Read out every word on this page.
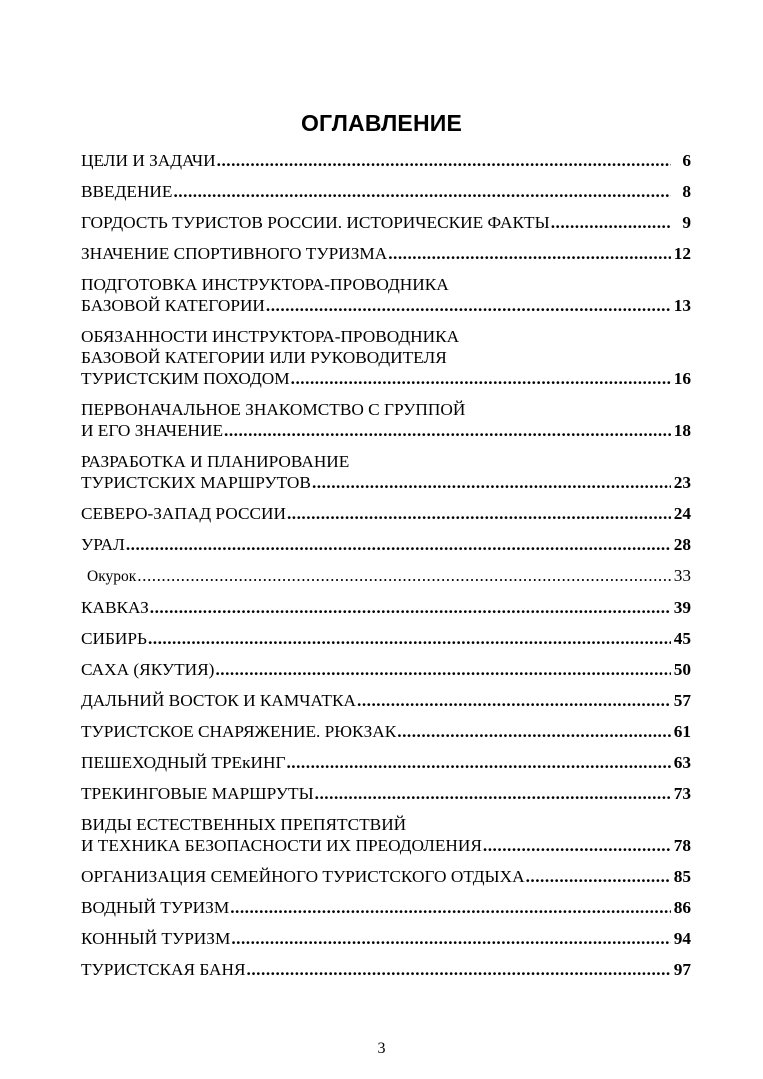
ОГЛАВЛЕНИЕ
ЦЕЛИ И ЗАДАЧИ .....	6
ВВЕДЕНИЕ .....	8
ГОРДОСТЬ ТУРИСТОВ РОССИИ. ИСТОРИЧЕСКИЕ ФАКТЫ .....	9
ЗНАЧЕНИЕ СПОРТИВНОГО ТУРИЗМА .....	12
ПОДГОТОВКА ИНСТРУКТОРА-ПРОВОДНИКА
БАЗОВОЙ КАТЕГОРИИ .....	13
ОБЯЗАННОСТИ ИНСТРУКТОРА-ПРОВОДНИКА
БАЗОВОЙ КАТЕГОРИИ ИЛИ РУКОВОДИТЕЛЯ
ТУРИСТСКИМ ПОХОДОМ .....	16
ПЕРВОНАЧАЛЬНОЕ ЗНАКОМСТВО С ГРУППОЙ
И ЕГО ЗНАЧЕНИЕ .....	18
РАЗРАБОТКА И ПЛАНИРОВАНИЕ
ТУРИСТСКИХ МАРШРУТОВ .....	23
СЕВЕРО-ЗАПАД РОССИИ .....	24
УРАЛ .....	28
Окурок .....	33
КАВКАЗ .....	39
СИБИРЬ .....	45
САХА (ЯКУТИЯ) .....	50
ДАЛЬНИЙ ВОСТОК И КАМЧАТКА .....	57
ТУРИСТСКОЕ СНАРЯЖЕНИЕ. РЮКЗАК .....	61
ПЕШЕХОДНЫЙ ТРЕкИНГ .....	63
ТРЕКИНГОВЫЕ МАРШРУТЫ .....	73
ВИДЫ ЕСТЕСТВЕННЫХ ПРЕПЯТСТВИЙ
И ТЕХНИКА БЕЗОПАСНОСТИ ИХ ПРЕОДОЛЕНИЯ .....	78
ОРГАНИЗАЦИЯ СЕМЕЙНОГО ТУРИСТСКОГО ОТДЫХА .....	85
ВОДНЫЙ ТУРИЗМ .....	86
КОННЫЙ ТУРИЗМ .....	94
ТУРИСТСКАЯ БАНЯ .....	97
3
